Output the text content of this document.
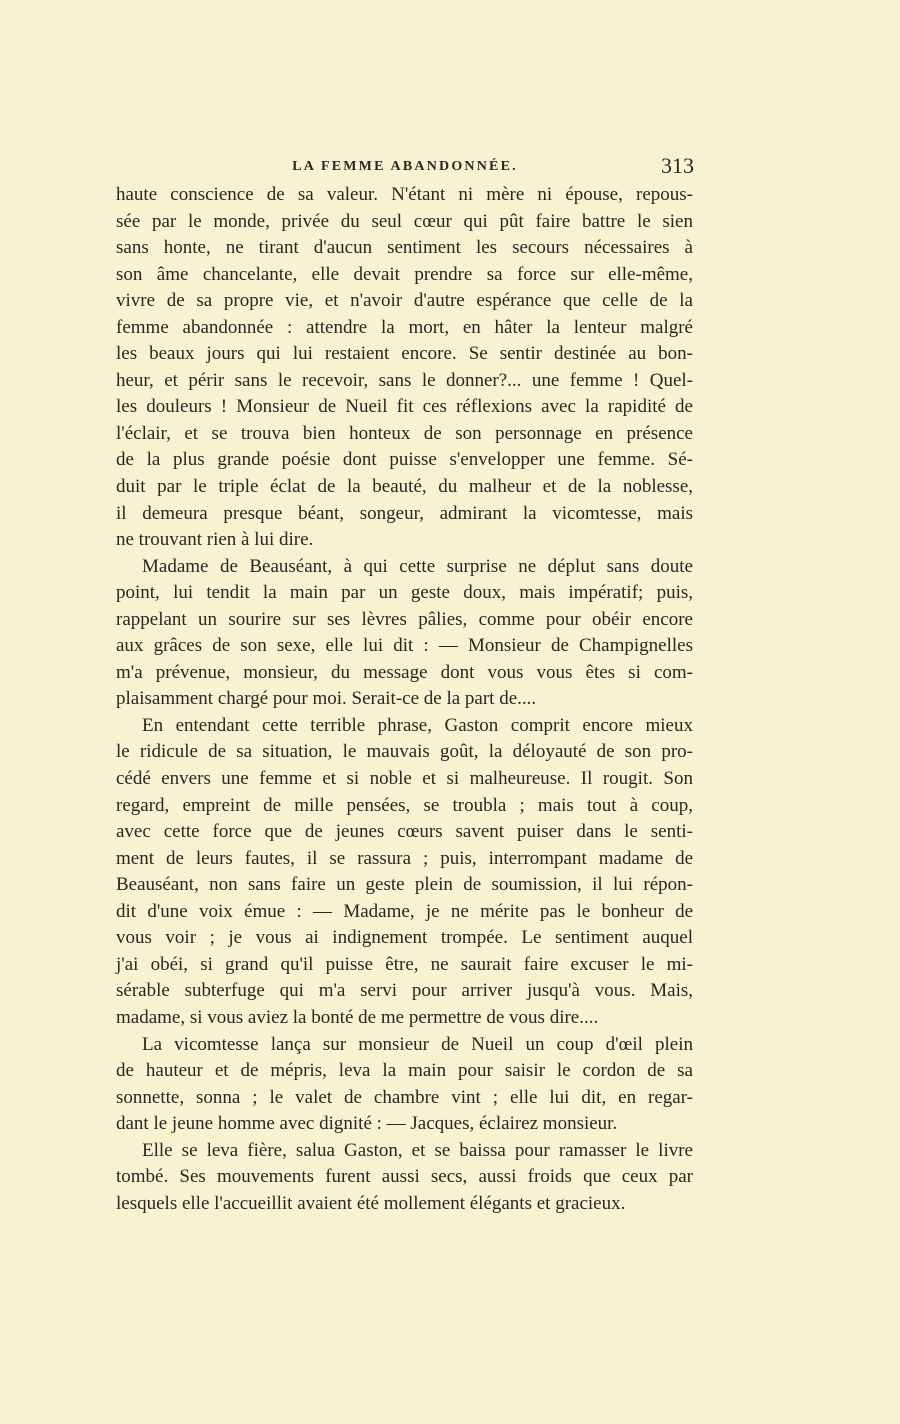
LA FEMME ABANDONNÉE.	313
haute conscience de sa valeur. N'étant ni mère ni épouse, repous-
sée par le monde, privée du seul cœur qui pût faire battre le sien
sans honte, ne tirant d'aucun sentiment les secours nécessaires à
son âme chancelante, elle devait prendre sa force sur elle-même,
vivre de sa propre vie, et n'avoir d'autre espérance que celle de la
femme abandonnée : attendre la mort, en hâter la lenteur malgré
les beaux jours qui lui restaient encore. Se sentir destinée au bon-
heur, et périr sans le recevoir, sans le donner?... une femme ! Quel-
les douleurs ! Monsieur de Nueil fit ces réflexions avec la rapidité de
l'éclair, et se trouva bien honteux de son personnage en présence
de la plus grande poésie dont puisse s'envelopper une femme. Sé-
duit par le triple éclat de la beauté, du malheur et de la noblesse,
il demeura presque béant, songeur, admirant la vicomtesse, mais
ne trouvant rien à lui dire.
Madame de Beauséant, à qui cette surprise ne déplut sans doute
point, lui tendit la main par un geste doux, mais impératif; puis,
rappelant un sourire sur ses lèvres pâlies, comme pour obéir encore
aux grâces de son sexe, elle lui dit : — Monsieur de Champignelles
m'a prévenue, monsieur, du message dont vous vous êtes si com-
plaisamment chargé pour moi. Serait-ce de la part de....
En entendant cette terrible phrase, Gaston comprit encore mieux
le ridicule de sa situation, le mauvais goût, la déloyauté de son pro-
cédé envers une femme et si noble et si malheureuse. Il rougit. Son
regard, empreint de mille pensées, se troubla ; mais tout à coup,
avec cette force que de jeunes cœurs savent puiser dans le senti-
ment de leurs fautes, il se rassura ; puis, interrompant madame de
Beauséant, non sans faire un geste plein de soumission, il lui répon-
dit d'une voix émue : — Madame, je ne mérite pas le bonheur de
vous voir ; je vous ai indignement trompée. Le sentiment auquel
j'ai obéi, si grand qu'il puisse être, ne saurait faire excuser le mi-
sérable subterfuge qui m'a servi pour arriver jusqu'à vous. Mais,
madame, si vous aviez la bonté de me permettre de vous dire....
La vicomtesse lança sur monsieur de Nueil un coup d'œil plein
de hauteur et de mépris, leva la main pour saisir le cordon de sa
sonnette, sonna ; le valet de chambre vint ; elle lui dit, en regar-
dant le jeune homme avec dignité : — Jacques, éclairez monsieur.
Elle se leva fière, salua Gaston, et se baissa pour ramasser le livre
tombé. Ses mouvements furent aussi secs, aussi froids que ceux par
lesquels elle l'accueillit avaient été mollement élégants et gracieux.
